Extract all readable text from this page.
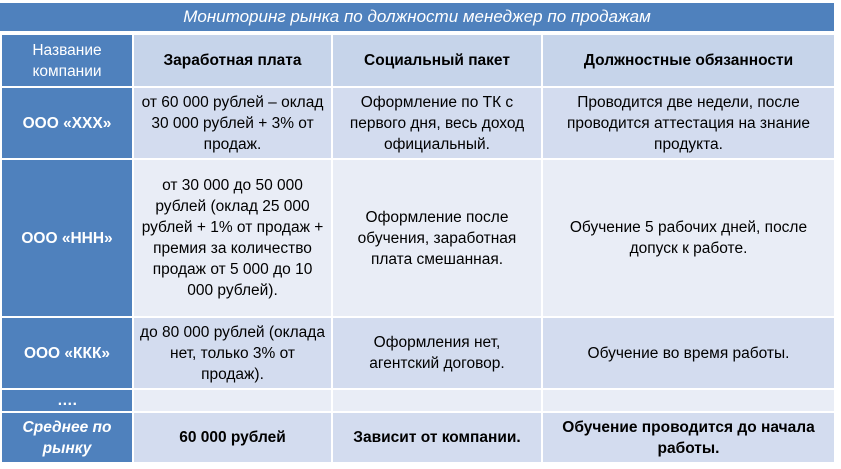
Мониторинг рынка по должности менеджер по продажам
Название компании	Заработная плата	Социальный пакет	Должностные обязанности
ООО «ХХХ»	от 60 000 рублей – оклад 30 000 рублей + 3% от продаж.	Оформление по ТК с первого дня, весь доход официальный.	Проводится две недели, после проводится аттестация на знание продукта.
ООО «ННН»	от 30 000 до 50 000 рублей (оклад 25 000 рублей + 1% от продаж + премия за количество продаж от 5 000 до 10 000 рублей).	Оформление после обучения, заработная плата смешанная.	Обучение 5 рабочих дней, после допуск к работе.
ООО «ККК»	до 80 000 рублей (оклада нет, только 3% от продаж).	Оформления нет, агентский договор.	Обучение во время работы.
….			
Среднее по рынку	60 000 рублей	Зависит от компании.	Обучение проводится до начала работы.
